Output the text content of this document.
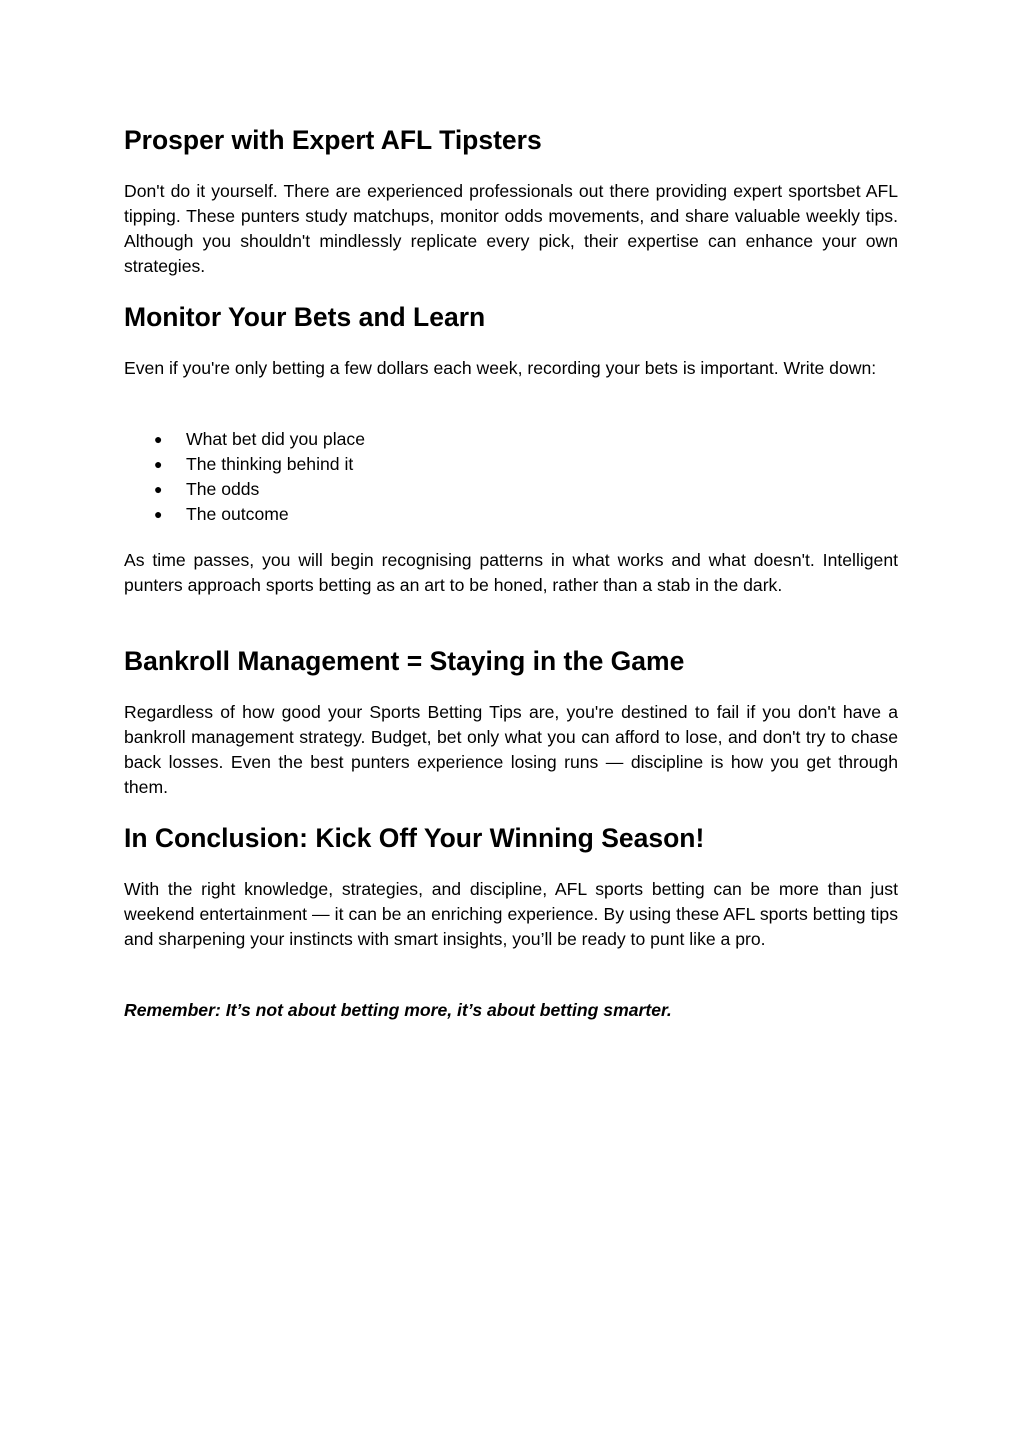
Prosper with Expert AFL Tipsters

Don't do it yourself. There are experienced professionals out there providing expert sportsbet AFL tipping. These punters study matchups, monitor odds movements, and share valuable weekly tips. Although you shouldn't mindlessly replicate every pick, their expertise can enhance your own strategies.

Monitor Your Bets and Learn

Even if you're only betting a few dollars each week, recording your bets is important. Write down:

● What bet did you place
● The thinking behind it
● The odds
● The outcome

As time passes, you will begin recognising patterns in what works and what doesn't. Intelligent punters approach sports betting as an art to be honed, rather than a stab in the dark.

Bankroll Management = Staying in the Game

Regardless of how good your Sports Betting Tips are, you're destined to fail if you don't have a bankroll management strategy. Budget, bet only what you can afford to lose, and don't try to chase back losses. Even the best punters experience losing runs — discipline is how you get through them.

In Conclusion: Kick Off Your Winning Season!

With the right knowledge, strategies, and discipline, AFL sports betting can be more than just weekend entertainment — it can be an enriching experience. By using these AFL sports betting tips and sharpening your instincts with smart insights, you’ll be ready to punt like a pro.

Remember: It’s not about betting more, it’s about betting smarter.
